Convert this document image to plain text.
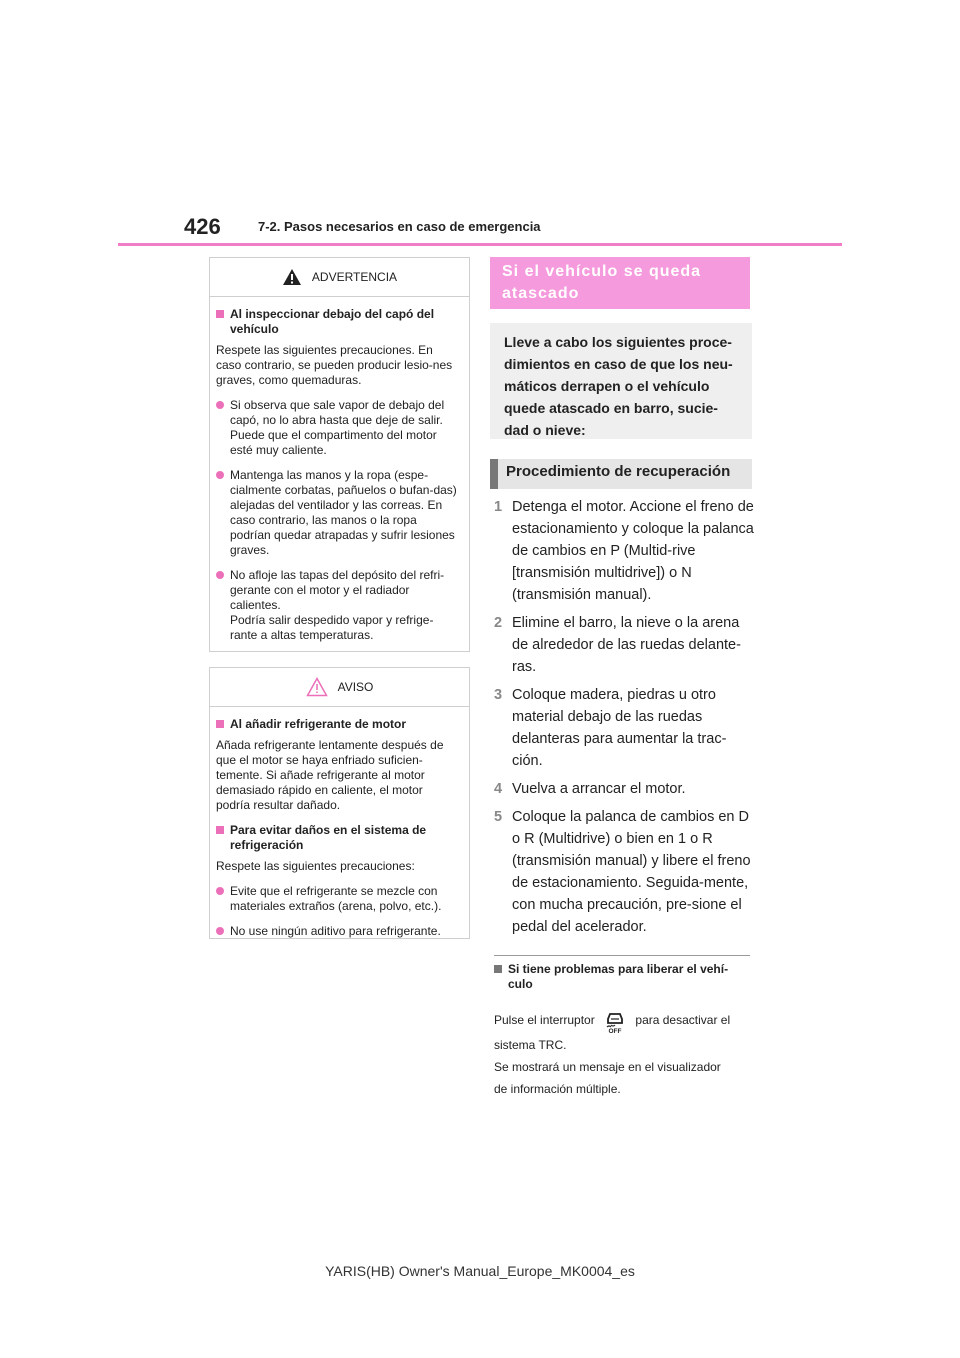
426	7-2. Pasos necesarios en caso de emergencia
ADVERTENCIA
Al inspeccionar debajo del capó del vehículo
Respete las siguientes precauciones. En caso contrario, se pueden producir lesio-nes graves, como quemaduras.
Si observa que sale vapor de debajo del capó, no lo abra hasta que deje de salir. Puede que el compartimento del motor esté muy caliente.
Mantenga las manos y la ropa (espe-cialmente corbatas, pañuelos o bufan-das) alejadas del ventilador y las correas. En caso contrario, las manos o la ropa podrían quedar atrapadas y sufrir lesiones graves.
No afloje las tapas del depósito del refri-gerante con el motor y el radiador calientes.
Podría salir despedido vapor y refrige-rante a altas temperaturas.
AVISO
Al añadir refrigerante de motor
Añada refrigerante lentamente después de que el motor se haya enfriado suficien-temente. Si añade refrigerante al motor demasiado rápido en caliente, el motor podría resultar dañado.
Para evitar daños en el sistema de refrigeración
Respete las siguientes precauciones:
Evite que el refrigerante se mezcle con materiales extraños (arena, polvo, etc.).
No use ningún aditivo para refrigerante.
Si el vehículo se queda atascado
Lleve a cabo los siguientes proce-dimientos en caso de que los neu-máticos derrapen o el vehículo quede atascado en barro, sucie-dad o nieve:
Procedimiento de recuperación
1 Detenga el motor. Accione el freno de estacionamiento y coloque la palanca de cambios en P (Multid-rive [transmisión multidrive]) o N (transmisión manual).
2 Elimine el barro, la nieve o la arena de alrededor de las ruedas delante-ras.
3 Coloque madera, piedras u otro material debajo de las ruedas delanteras para aumentar la trac-ción.
4 Vuelva a arrancar el motor.
5 Coloque la palanca de cambios en D o R (Multidrive) o bien en 1 o R (transmisión manual) y libere el freno de estacionamiento. Seguida-mente, con mucha precaución, pre-sione el pedal del acelerador.
Si tiene problemas para liberar el vehí-culo
Pulse el interruptor
OFF
para desactivar el
sistema TRC.
Se mostrará un mensaje en el visualizador
de información múltiple.
YARIS(HB) Owner's Manual_Europe_MK0004_es
